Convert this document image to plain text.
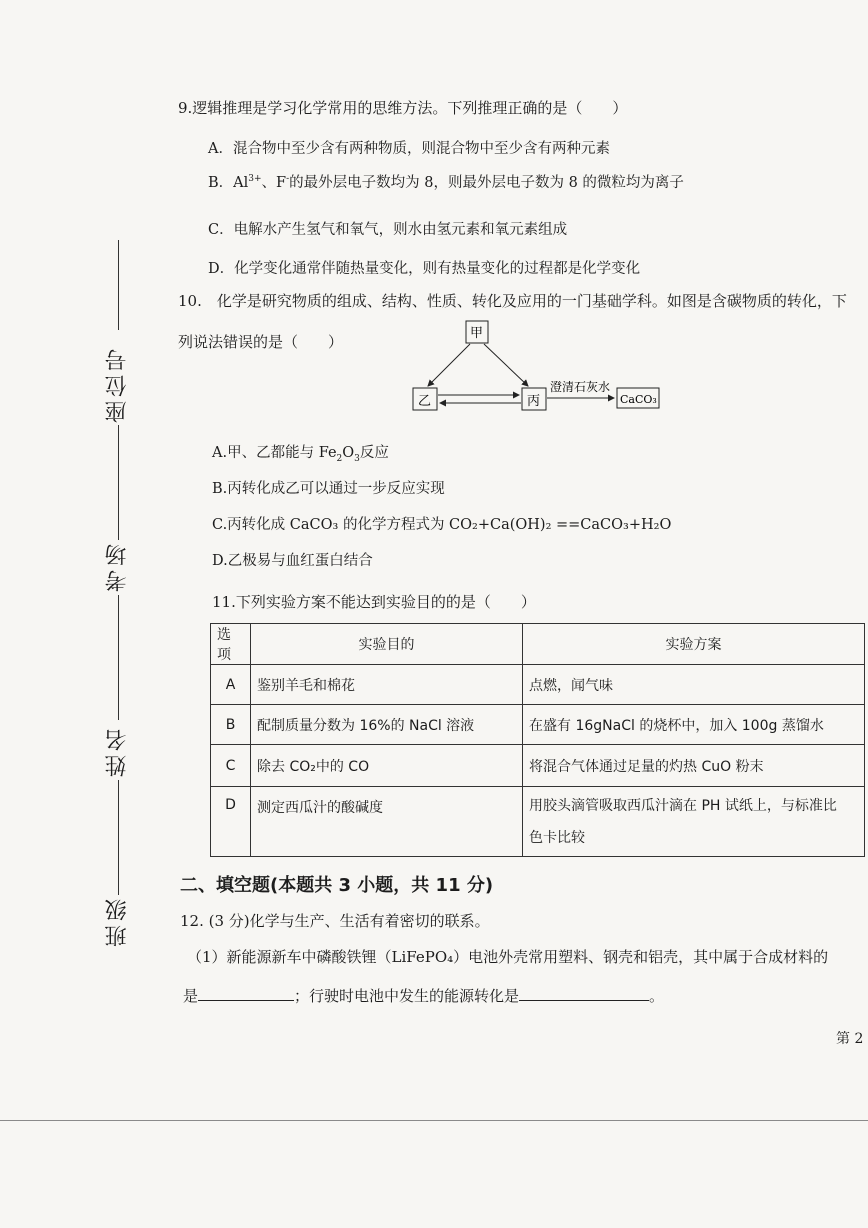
座位号
考场
姓名
班级
9.逻辑推理是学习化学常用的思维方法。下列推理正确的是（　　）
A．混合物中至少含有两种物质，则混合物中至少含有两种元素
B．$Al^{3+}$、F-的最外层电子数均为 8，则最外层电子数为 8 的微粒均为离子
C．电解水产生氢气和氧气，则水由氢元素和氧元素组成
D．化学变化通常伴随热量变化，则有热量变化的过程都是化学变化
10.　化学是研究物质的组成、结构、性质、转化及应用的一门基础学科。如图是含碳物质的转化，下
列说法错误的是（　　）	甲
乙	丙
澄清石灰水
CaCO₃
A.甲、乙都能与 $Fe_2O_3$反应
B.丙转化成乙可以通过一步反应实现
C.丙转化成 CaCO₃ 的化学方程式为 CO₂+Ca(OH)₂ ==CaCO₃+H₂O
D.乙极易与血红蛋白结合
11.下列实验方案不能达到实验目的的是（　　）
选项	实验目的	实验方案
A	鉴别羊毛和棉花	点燃，闻气味
B	配制质量分数为 16%的 NaCl 溶液	在盛有 16gNaCl 的烧杯中，加入 100g 蒸馏水
C	除去 CO₂中的 CO	将混合气体通过足量的灼热 CuO 粉末
D	测定西瓜汁的酸碱度	用胶头滴管吸取西瓜汁滴在 PH 试纸上，与标准比
色卡比较
二、填空题(本题共 3 小题，共 11 分)
12. (3 分)化学与生产、生活有着密切的联系。
（1）新能源新车中磷酸铁锂（LiFePO₄）电池外壳常用塑料、钢壳和铝壳，其中属于合成材料的
是	；行驶时电池中发生的能源转化是	。
第 2
